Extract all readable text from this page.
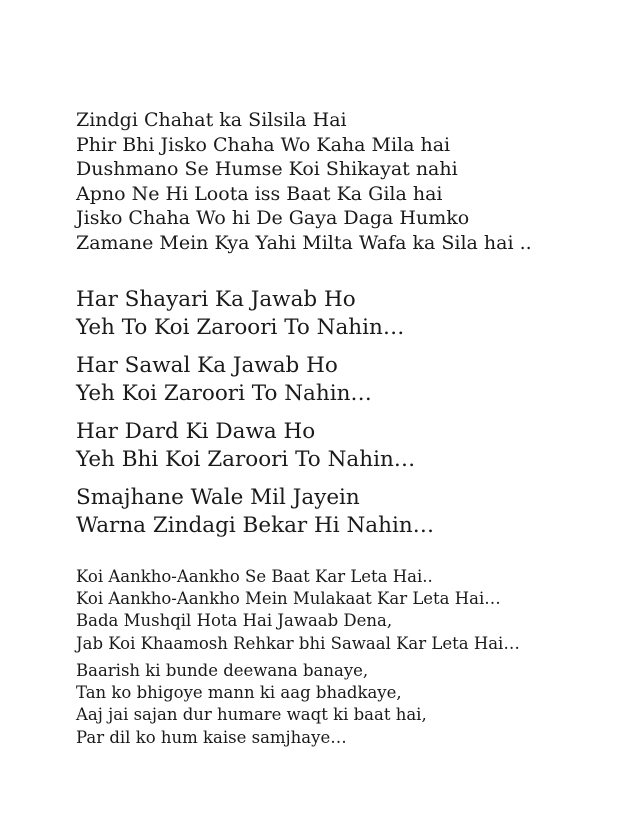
Zindgi Chahat ka Silsila Hai
Phir Bhi Jisko Chaha Wo Kaha Mila hai
Dushmano Se Humse Koi Shikayat nahi
Apno Ne Hi Loota iss Baat Ka Gila hai
Jisko Chaha Wo hi De Gaya Daga Humko
Zamane Mein Kya Yahi Milta Wafa ka Sila hai ..
Har Shayari Ka Jawab Ho
Yeh To Koi Zaroori To Nahin…
Har Sawal Ka Jawab Ho
Yeh Koi Zaroori To Nahin…
Har Dard Ki Dawa Ho
Yeh Bhi Koi Zaroori To Nahin…
Smajhane Wale Mil Jayein
Warna Zindagi Bekar Hi Nahin…
Koi Aankho-Aankho Se Baat Kar Leta Hai..
Koi Aankho-Aankho Mein Mulakaat Kar Leta Hai…
Bada Mushqil Hota Hai Jawaab Dena,
Jab Koi Khaamosh Rehkar bhi Sawaal Kar Leta Hai…
Baarish ki bunde deewana banaye,
Tan ko bhigoye mann ki aag bhadkaye,
Aaj jai sajan dur humare waqt ki baat hai,
Par dil ko hum kaise samjhaye…
